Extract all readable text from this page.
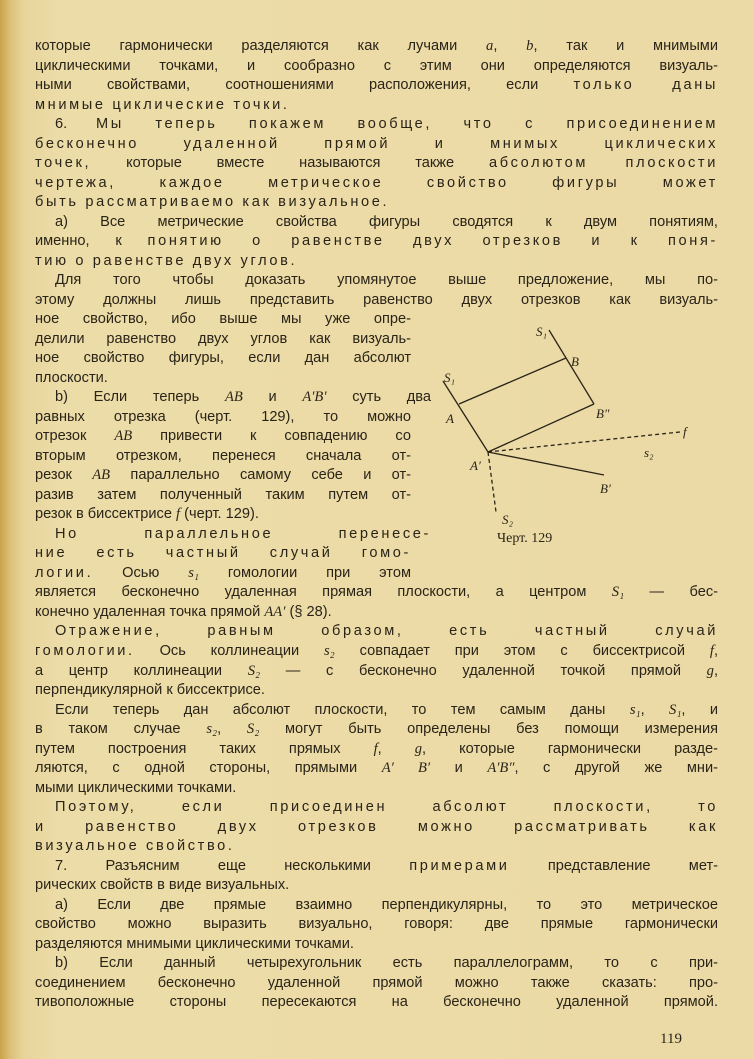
которые гармонически разделяются как лучами a, b, так и мнимыми
циклическими точками, и сообразно с этим они определяются визуаль-
ными свойствами, соотношениями расположения, если только даны
мнимые циклические точки.
6. Мы теперь покажем вообще, что с присоединением
бесконечно удаленной прямой и мнимых циклических
точек, которые вместе называются также абсолютом плоскости
чертежа, каждое метрическое свойство фигуры может
быть рассматриваемо как визуальное.
а) Все метрические свойства фигуры сводятся к двум понятиям,
именно, к понятию о равенстве двух отрезков и к поня-
тию о равенстве двух углов.
Для того чтобы доказать упомянутое выше предложение, мы по-
этому должны лишь представить равенство двух отрезков как визуаль-
ное свойство, ибо выше мы уже опре-
делили равенство двух углов как визуаль-
ное свойство фигуры, если дан абсолют
плоскости.
b) Если теперь AB и A′B′ суть два
равных отрезка (черт. 129), то можно
отрезок AB привести к совпадению со
вторым отрезком, перенеся сначала от-
резок AB параллельно самому себе и от-
разив затем полученный таким путем от-
резок в биссектрисе f (черт. 129).
Но параллельное перенесе-
ние есть частный случай гомо-
логии. Осью s₁ гомологии при этом
является бесконечно удаленная прямая плоскости, а центром S₁ — бес-
конечно удаленная точка прямой AA′ (§ 28).
Отражение, равным образом, есть частный случай
гомологии. Ось коллинеации s₂ совпадает при этом с биссектрисой f,
а центр коллинеации S₂ — с бесконечно удаленной точкой прямой g,
перпендикулярной к биссектрисе.
Если теперь дан абсолют плоскости, то тем самым даны s₁, S₁, и
в таком случае s₂, S₂ могут быть определены без помощи измерения
путем построения таких прямых f, g, которые гармонически разде-
ляются, с одной стороны, прямыми A′ B′ и A′B″, с другой же мни-
мыми циклическими точками.
Поэтому, если присоединен абсолют плоскости, то
и равенство двух отрезков можно рассматривать как
визуальное свойство.
7. Разъясним еще несколькими примерами представление мет-
рических свойств в виде визуальных.
а) Если две прямые взаимно перпендикулярны, то это метрическое
свойство можно выразить визуально, говоря: две прямые гармонически
разделяются мнимыми циклическими точками.
b) Если данный четырехугольник есть параллелограмм, то с при-
соединением бесконечно удаленной прямой можно также сказать: про-
тивоположные стороны пересекаются на бесконечно удаленной прямой.
S₁
S₁
B
B″
A
A′
B′
f
s₂
S₂
Черт. 129
119
